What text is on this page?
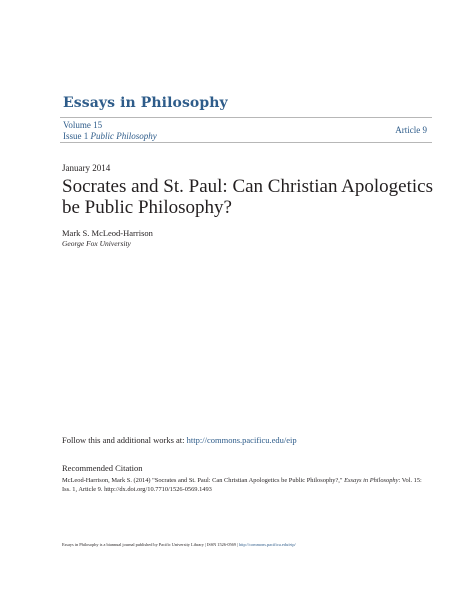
Essays in Philosophy
Volume 15
Issue 1 Public Philosophy
Article 9
January 2014
Socrates and St. Paul: Can Christian Apologetics be Public Philosophy?
Mark S. McLeod-Harrison
George Fox University
Follow this and additional works at: http://commons.pacificu.edu/eip
Recommended Citation
McLeod-Harrison, Mark S. (2014) "Socrates and St. Paul: Can Christian Apologetics be Public Philosophy?," Essays in Philosophy: Vol. 15: Iss. 1, Article 9. http://dx.doi.org/10.7710/1526-0569.1493
Essays in Philosophy is a biannual journal published by Pacific University Library | ISSN 1526-0569 | http://commons.pacificu.edu/eip/
